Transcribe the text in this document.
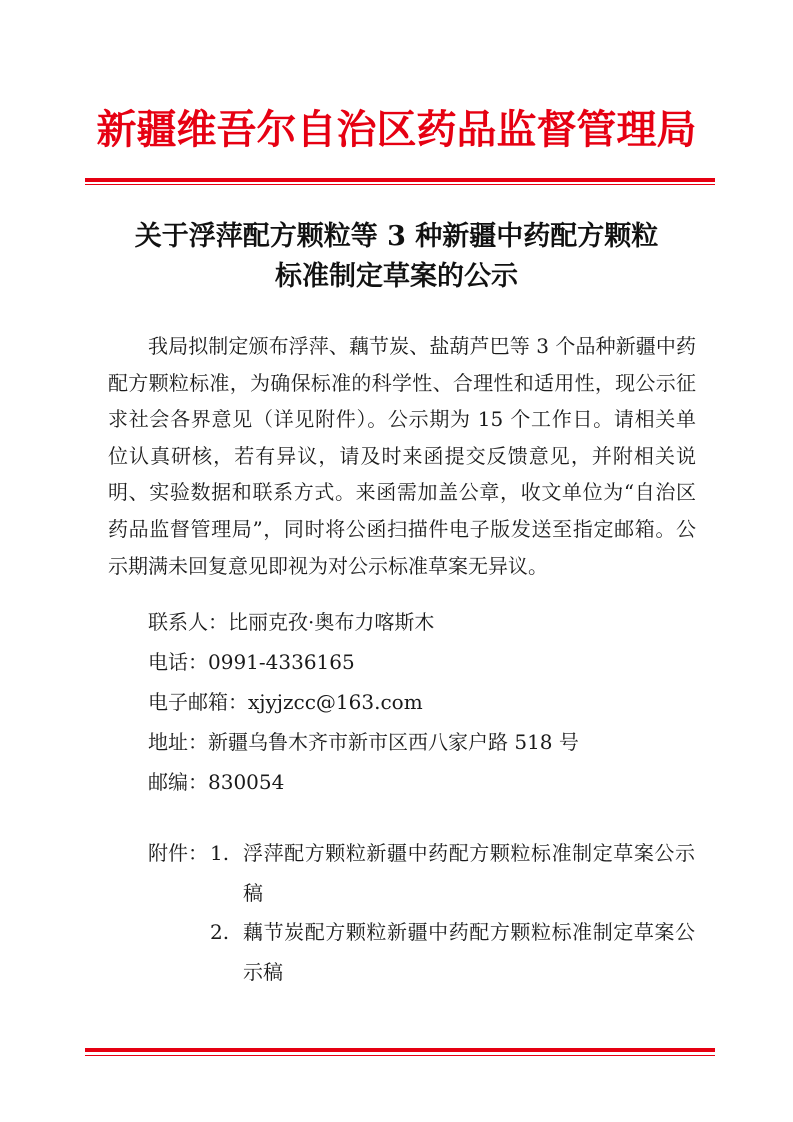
新疆维吾尔自治区药品监督管理局
关于浮萍配方颗粒等 3 种新疆中药配方颗粒
标准制定草案的公示

我局拟制定颁布浮萍、藕节炭、盐葫芦巴等 3 个品种新疆中药配方颗粒标准，为确保标准的科学性、合理性和适用性，现公示征求社会各界意见（详见附件）。公示期为 15 个工作日。请相关单位认真研核，若有异议，请及时来函提交反馈意见，并附相关说明、实验数据和联系方式。来函需加盖公章，收文单位为“自治区药品监督管理局”，同时将公函扫描件电子版发送至指定邮箱。公示期满未回复意见即视为对公示标准草案无异议。

联系人：比丽克孜·奥布力喀斯木
电话：0991-4336165
电子邮箱：xjyjzcc@163.com
地址：新疆乌鲁木齐市新市区西八家户路 518 号
邮编：830054
附件： 1. 浮萍配方颗粒新疆中药配方颗粒标准制定草案公示稿
2. 藕节炭配方颗粒新疆中药配方颗粒标准制定草案公示稿
